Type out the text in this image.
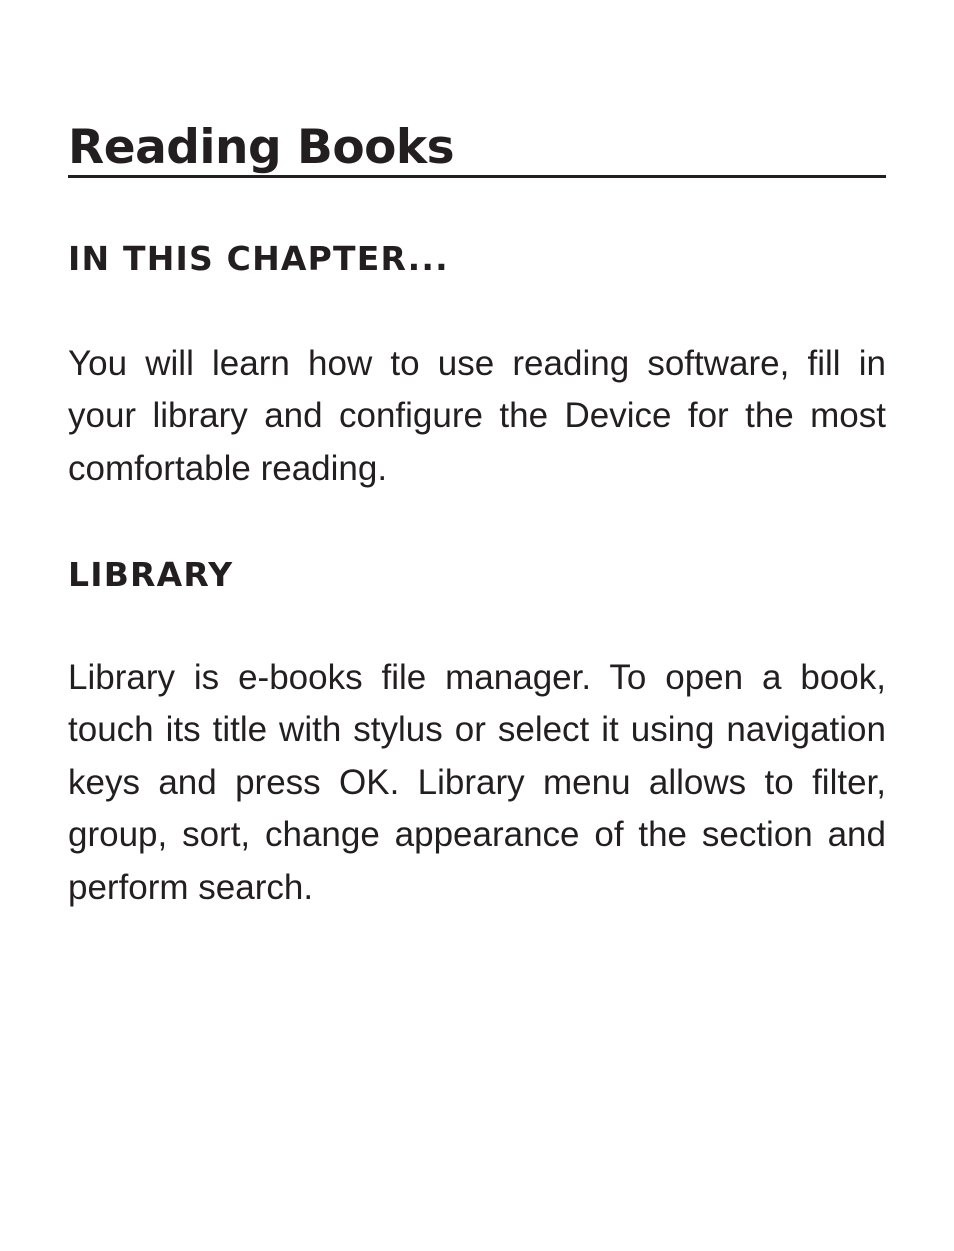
Reading Books
IN THIS CHAPTER...

You will learn how to use reading software, fill in your library and configure the Device for the most comfortable reading.

LIBRARY

Library is e-books file manager. To open a book, touch its title with stylus or select it using navigation keys and press OK. Library menu allows to filter, group, sort, change appearance of the section and perform search.
